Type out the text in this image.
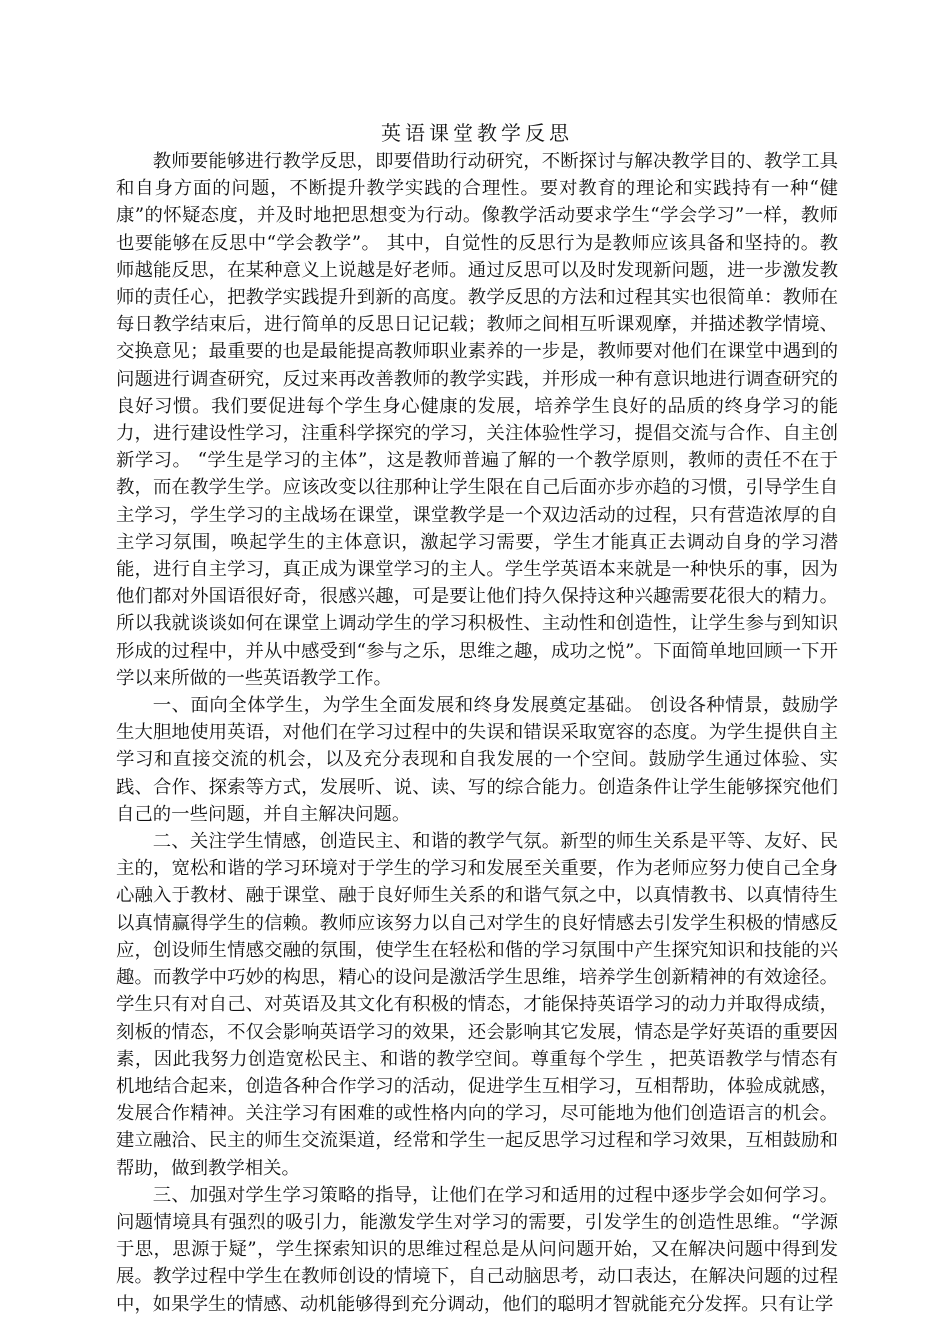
英语课堂教学反思

教师要能够进行教学反思，即要借助行动研究，不断探讨与解决教学目的、教学工具和自身方面的问题，不断提升教学实践的合理性。要对教育的理论和实践持有一种“健康”的怀疑态度，并及时地把思想变为行动。像教学活动要求学生“学会学习”一样，教师也要能够在反思中“学会教学”。 其中，自觉性的反思行为是教师应该具备和坚持的。教师越能反思，在某种意义上说越是好老师。通过反思可以及时发现新问题，进一步激发教师的责任心，把教学实践提升到新的高度。教学反思的方法和过程其实也很简单：教师在每日教学结束后，进行简单的反思日记记载；教师之间相互听课观摩，并描述教学情境、交换意见；最重要的也是最能提高教师职业素养的一步是，教师要对他们在课堂中遇到的问题进行调查研究，反过来再改善教师的教学实践，并形成一种有意识地进行调查研究的良好习惯。我们要促进每个学生身心健康的发展，培养学生良好的品质的终身学习的能力，进行建设性学习，注重科学探究的学习，关注体验性学习，提倡交流与合作、自主创新学习。 “学生是学习的主体”，这是教师普遍了解的一个教学原则，教师的责任不在于教，而在教学生学。应该改变以往那种让学生限在自己后面亦步亦趋的习惯，引导学生自主学习，学生学习的主战场在课堂，课堂教学是一个双边活动的过程，只有营造浓厚的自主学习氛围，唤起学生的主体意识，激起学习需要，学生才能真正去调动自身的学习潜能，进行自主学习，真正成为课堂学习的主人。学生学英语本来就是一种快乐的事，因为他们都对外国语很好奇，很感兴趣，可是要让他们持久保持这种兴趣需要花很大的精力。所以我就谈谈如何在课堂上调动学生的学习积极性、主动性和创造性，让学生参与到知识形成的过程中，并从中感受到“参与之乐，思维之趣，成功之悦”。下面简单地回顾一下开学以来所做的一些英语教学工作。

一、面向全体学生，为学生全面发展和终身发展奠定基础。 创设各种情景，鼓励学生大胆地使用英语，对他们在学习过程中的失误和错误采取宽容的态度。为学生提供自主学习和直接交流的机会，以及充分表现和自我发展的一个空间。鼓励学生通过体验、实践、合作、探索等方式，发展听、说、读、写的综合能力。创造条件让学生能够探究他们自己的一些问题，并自主解决问题。

二、关注学生情感，创造民主、和谐的教学气氛。新型的师生关系是平等、友好、民主的，宽松和谐的学习环境对于学生的学习和发展至关重要，作为老师应努力使自己全身心融入于教材、融于课堂、融于良好师生关系的和谐气氛之中，以真情教书、以真情待生以真情赢得学生的信赖。教师应该努力以自己对学生的良好情感去引发学生积极的情感反应，创设师生情感交融的氛围，使学生在轻松和偕的学习氛围中产生探究知识和技能的兴趣。而教学中巧妙的构思，精心的设问是激活学生思维，培养学生创新精神的有效途径。 学生只有对自己、对英语及其文化有积极的情态，才能保持英语学习的动力并取得成绩，刻板的情态，不仅会影响英语学习的效果，还会影响其它发展，情态是学好英语的重要因素，因此我努力创造宽松民主、和谐的教学空间。尊重每个学生 ，把英语教学与情态有机地结合起来，创造各种合作学习的活动，促进学生互相学习，互相帮助，体验成就感，发展合作精神。关注学习有困难的或性格内向的学习，尽可能地为他们创造语言的机会。建立融洽、民主的师生交流渠道，经常和学生一起反思学习过程和学习效果，互相鼓励和帮助，做到教学相关。

三、加强对学生学习策略的指导，让他们在学习和适用的过程中逐步学会如何学习。问题情境具有强烈的吸引力，能激发学生对学习的需要，引发学生的创造性思维。“学源于思，思源于疑”，学生探索知识的思维过程总是从问问题开始，又在解决问题中得到发展。教学过程中学生在教师创设的情境下，自己动脑思考，动口表达，在解决问题的过程中，如果学生的情感、动机能够得到充分调动，他们的聪明才智就能充分发挥。只有让学
